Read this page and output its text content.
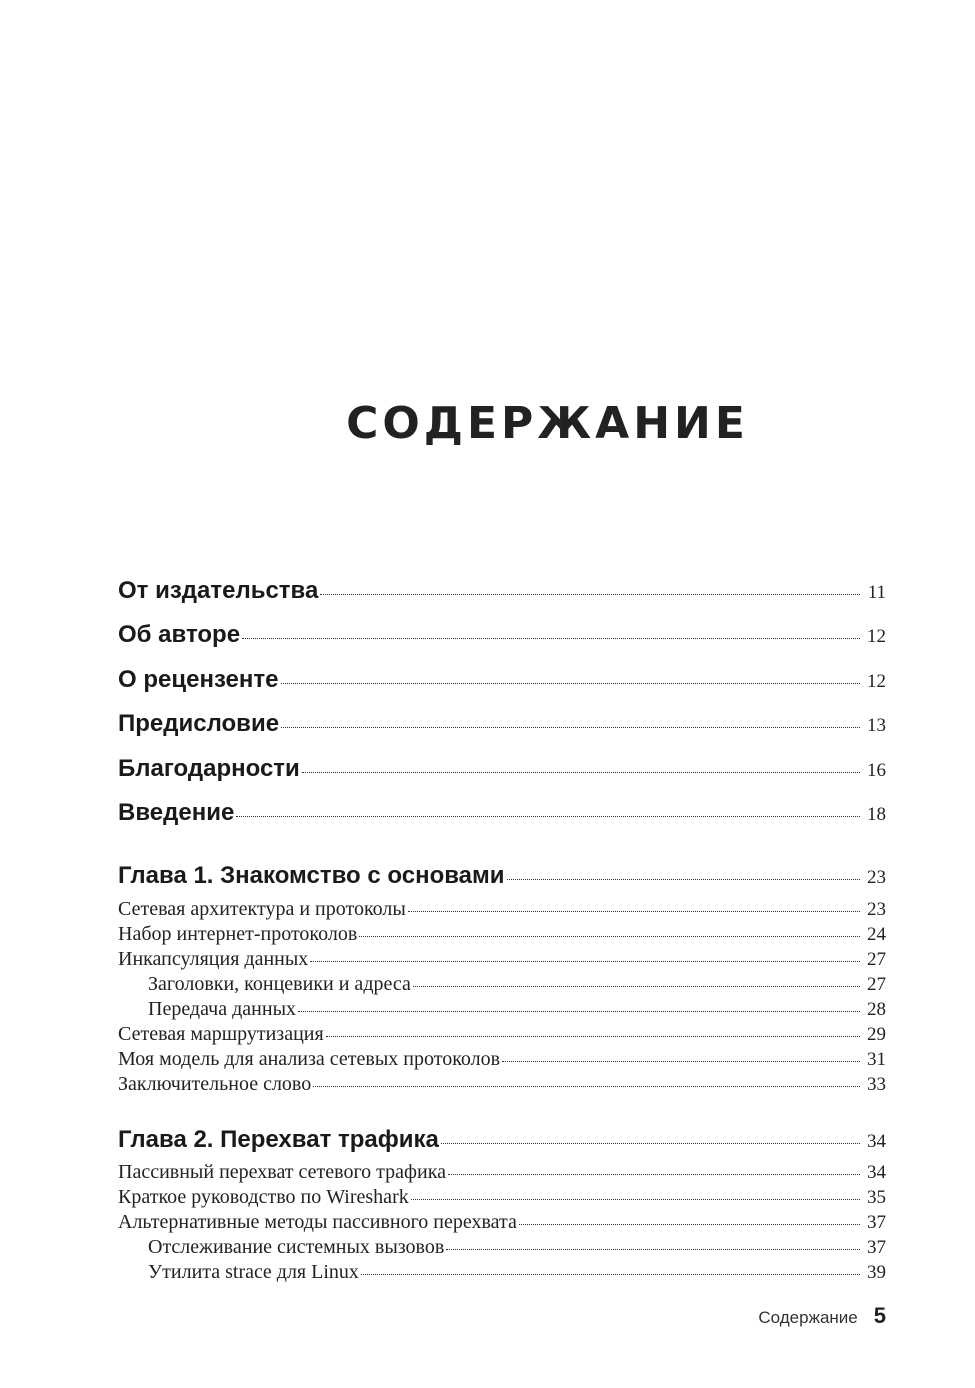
СОДЕРЖАНИЕ
От издательства	11
Об авторе	12
О рецензенте	12
Предисловие	13
Благодарности	16
Введение	18
Глава 1. Знакомство с основами	23
Сетевая архитектура и протоколы	23
Набор интернет-протоколов	24
Инкапсуляция данных	27
Заголовки, концевики и адреса	27
Передача данных	28
Сетевая маршрутизация	29
Моя модель для анализа сетевых протоколов	31
Заключительное слово	33
Глава 2. Перехват трафика	34
Пассивный перехват сетевого трафика	34
Краткое руководство по Wireshark	35
Альтернативные методы пассивного перехвата	37
Отслеживание системных вызовов	37
Утилита strace для Linux	39
Содержание 5
